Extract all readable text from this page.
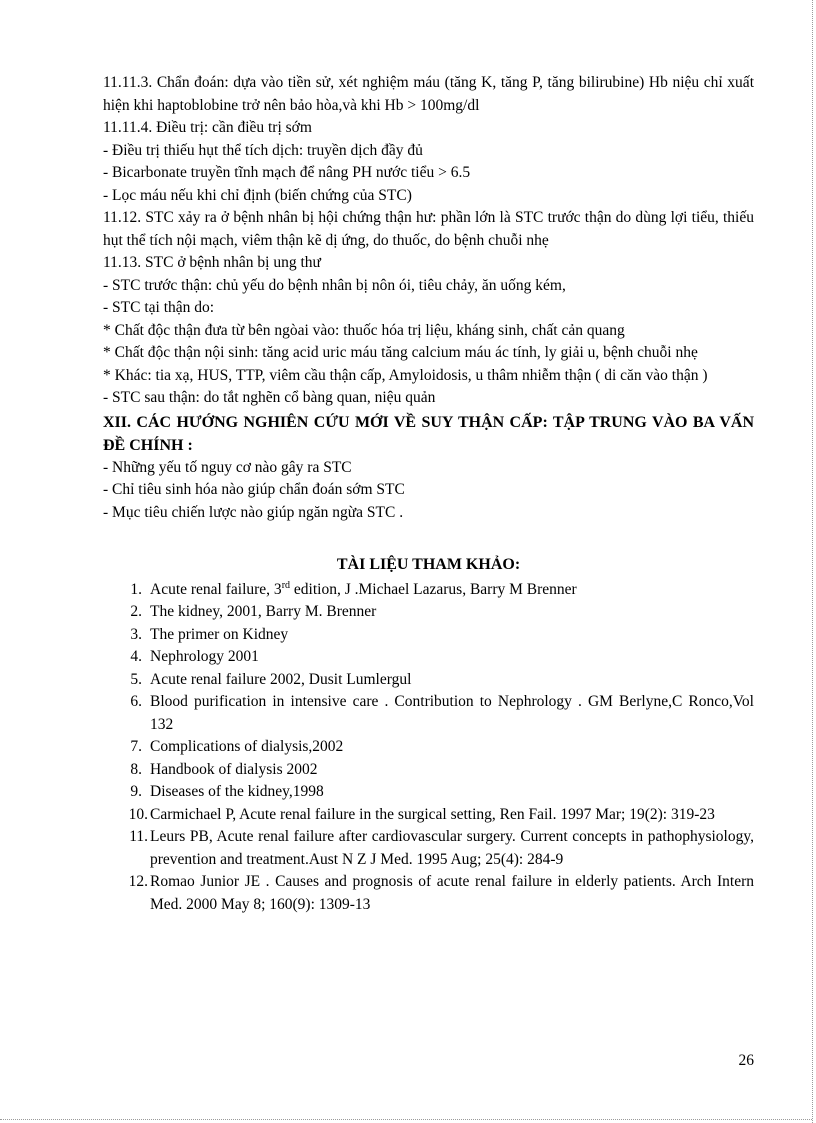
11.11.3. Chẩn đoán: dựa vào tiền sử, xét nghiệm máu (tăng K, tăng P, tăng bilirubine) Hb niệu chỉ xuất hiện khi haptoblobine trở nên bảo hòa,và khi Hb > 100mg/dl

11.11.4. Điều trị: cần điều trị sớm

- Điều trị thiếu hụt thể tích dịch: truyền dịch đầy đủ

- Bicarbonate truyền tĩnh mạch để nâng PH nước tiểu > 6.5

- Lọc máu nếu khi chỉ định (biến chứng của STC)

11.12. STC xảy ra ở bệnh nhân bị hội chứng thận hư: phần lớn là STC trước thận do dùng lợi tiểu, thiếu hụt thể tích nội mạch, viêm thận kẽ dị ứng, do thuốc, do bệnh chuỗi nhẹ

11.13. STC ở bệnh nhân bị ung thư

- STC trước thận: chủ yếu do bệnh nhân bị nôn ói, tiêu chảy, ăn uống kém,

- STC tại thận do:

* Chất độc thận đưa từ bên ngòai vào: thuốc hóa trị liệu, kháng sinh, chất cản quang

* Chất độc thận nội sinh: tăng acid uric máu tăng calcium máu ác tính, ly giải u, bệnh chuỗi nhẹ

* Khác: tia xạ, HUS, TTP, viêm cầu thận cấp, Amyloidosis, u thâm nhiễm thận ( di căn vào thận )

- STC sau thận: do tắt nghẽn cổ bàng quan, niệu quản

XII. CÁC HƯỚNG NGHIÊN CỨU MỚI VỀ SUY THẬN CẤP: TẬP TRUNG VÀO BA VẤN ĐỀ CHÍNH :

- Những yếu tố nguy cơ nào gây ra STC

- Chỉ tiêu sinh hóa nào giúp chẩn đoán sớm STC

- Mục tiêu chiến lược nào giúp ngăn ngừa STC .

TÀI LIỆU THAM KHẢO:

1. Acute renal failure, 3rd edition, J .Michael Lazarus, Barry M Brenner
2. The kidney, 2001, Barry M. Brenner
3. The primer on Kidney
4. Nephrology 2001
5. Acute renal failure 2002, Dusit Lumlergul
6. Blood purification in intensive care . Contribution to Nephrology . GM Berlyne,C Ronco,Vol 132
7. Complications of dialysis,2002
8. Handbook of dialysis 2002
9. Diseases of the kidney,1998
10. Carmichael P, Acute renal failure in the surgical setting, Ren Fail. 1997 Mar; 19(2): 319-23
11. Leurs PB, Acute renal failure after cardiovascular surgery. Current concepts in pathophysiology, prevention and treatment.Aust N Z J Med. 1995 Aug; 25(4): 284-9
12. Romao Junior JE . Causes and prognosis of acute renal failure in elderly patients. Arch Intern Med. 2000 May 8; 160(9): 1309-13
26
